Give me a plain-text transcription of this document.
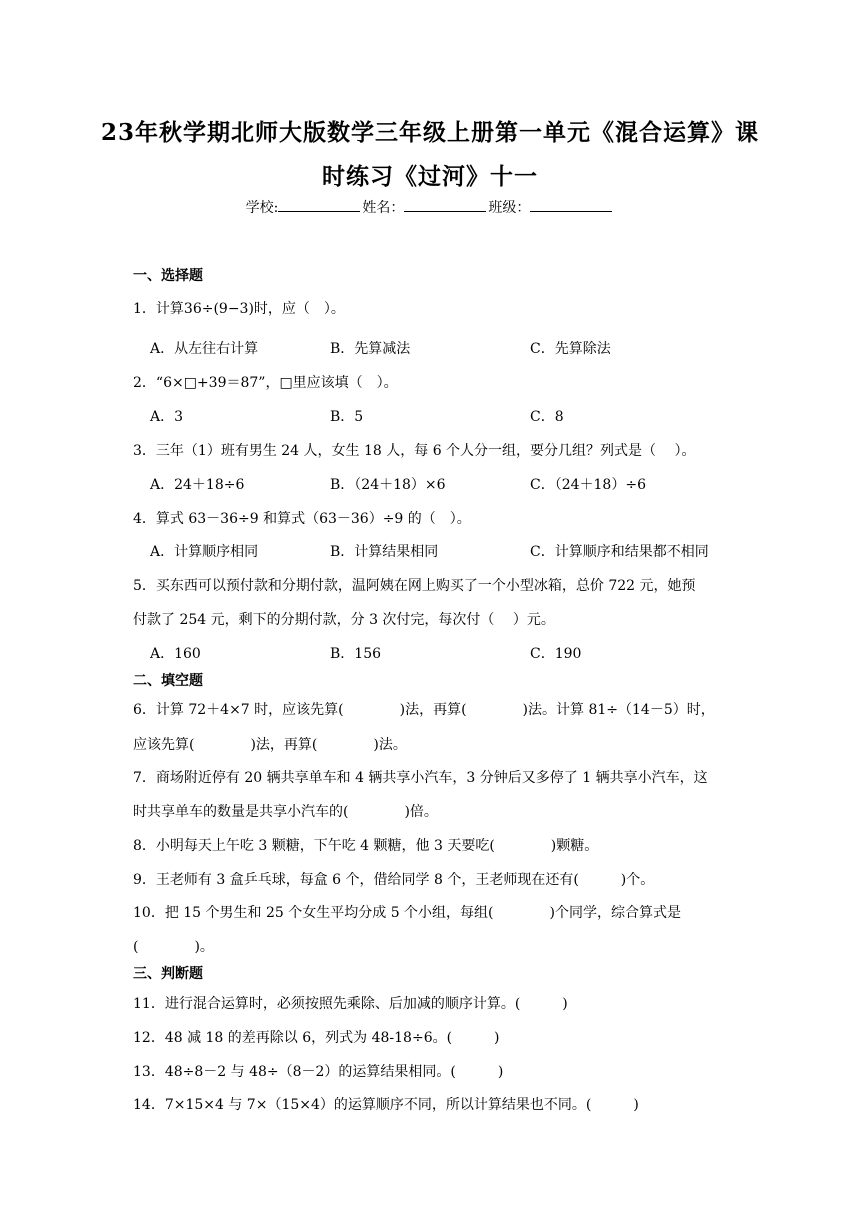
23年秋学期北师大版数学三年级上册第一单元《混合运算》课
时练习《过河》十一
学校:	姓名：	班级：
一、选择题
1．计算36÷(9−3)时，应（　）。
A．从左往右计算	B．先算减法	C．先算除法
2．“6×□+39＝87”，□里应该填（　）。
A．3	B．5	C．8
3．三年（1）班有男生 24 人，女生 18 人，每 6 个人分一组，要分几组？列式是（　 ）。
A．24＋18÷6	B．（24＋18）×6	C．（24＋18）÷6
4．算式 63－36÷9 和算式（63－36）÷9 的（　）。
A．计算顺序相同	B．计算结果相同	C．计算顺序和结果都不相同
5．买东西可以预付款和分期付款，温阿姨在网上购买了一个小型冰箱，总价 722 元，她预
付款了 254 元，剩下的分期付款，分 3 次付完，每次付（　 ）元。
A．160	B．156	C．190
二、填空题
6．计算 72＋4×7 时，应该先算(　　　　)法，再算(　　　　)法。计算 81÷（14－5）时，
应该先算(　　　　)法，再算(　　　　)法。
7．商场附近停有 20 辆共享单车和 4 辆共享小汽车，3 分钟后又多停了 1 辆共享小汽车，这
时共享单车的数量是共享小汽车的(　　　　)倍。
8．小明每天上午吃 3 颗糖，下午吃 4 颗糖，他 3 天要吃(　　　　)颗糖。
9．王老师有 3 盒乒乓球，每盒 6 个，借给同学 8 个，王老师现在还有(　　　)个。
10．把 15 个男生和 25 个女生平均分成 5 个小组，每组(　　　　)个同学，综合算式是
(　　　　)。
三、判断题
11．进行混合运算时，必须按照先乘除、后加减的顺序计算。(　　　)
12．48 减 18 的差再除以 6，列式为 48-18÷6。(　　　)
13．48÷8－2 与 48÷（8－2）的运算结果相同。(　　　)
14．7×15×4 与 7×（15×4）的运算顺序不同，所以计算结果也不同。(　　　)
